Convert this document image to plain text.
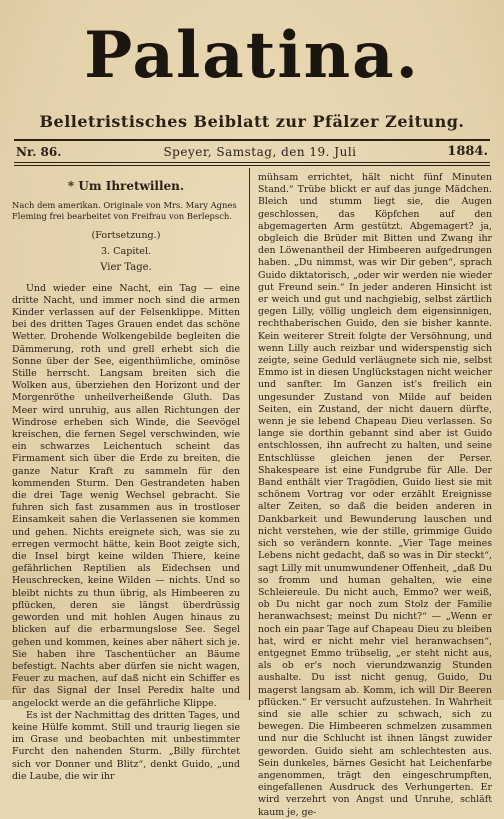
Palatina.
Belletristisches Beiblatt zur Pfälzer Zeitung.
Nr. 86.	Speyer, Samstag, den 19. Juli	1884.
* Um Ihretwillen.
Nach dem amerikan. Originale von Mrs. Mary Agnes Fleming frei bearbeitet von Freifrau von Berlepsch.
(Fortsetzung.)
3. Capitel.
Vier Tage.

Und wieder eine Nacht, ein Tag — eine dritte Nacht, und immer noch sind die armen Kinder verlassen auf der Felsenklippe. Mitten bei des dritten Tages Grauen endet das schöne Wetter. Drohende Wolkengebilde begleiten die Dämmerung, roth und grell erhebt sich die Sonne über der See, eigenthümliche, ominöse Stille herrscht. Langsam breiten sich die Wolken aus, überziehen den Horizont und der Morgenröthe unheilverheißende Gluth. Das Meer wird unruhig, aus allen Richtungen der Windrose erheben sich Winde, die Seevögel kreischen, die fernen Segel verschwinden, wie ein schwarzes Leichentuch scheint das Firmament sich über die Erde zu breiten, die ganze Natur Kraft zu sammeln für den kommenden Sturm. Den Gestrandeten haben die drei Tage wenig Wechsel gebracht. Sie fuhren sich fast zusammen aus in trostloser Einsamkeit sahen die Verlassenen sie kommen und gehen. Nichts ereignete sich, was sie zu erregen vermocht hätte, kein Boot zeigte sich, die Insel birgt keine wilden Thiere, keine gefährlichen Reptilien als Eidechsen und Heuschrecken, keine Wilden — nichts. Und so bleibt nichts zu thun übrig, als Himbeeren zu pflücken, deren sie längst überdrüssig geworden und mit hohlen Augen hinaus zu blicken auf die erbarmungslose See. Segel gehen und kommen, keines aber nähert sich je. Sie haben ihre Taschentücher an Bäume befestigt. Nachts aber dürfen sie nicht wagen, Feuer zu machen, auf daß nicht ein Schiffer es für das Signal der Insel Peredix halte und angelockt werde an die gefährliche Klippe.

Es ist der Nachmittag des dritten Tages, und keine Hülfe kommt. Still und traurig liegen sie im Grase und beobachten mit unbestimmter Furcht den nahenden Sturm. „Billy fürchtet sich vor Donner und Blitz“, denkt Guido, „und die Laube, die wir ihr

mühsam errichtet, hält nicht fünf Minuten Stand.“ Trübe blickt er auf das junge Mädchen. Bleich und stumm liegt sie, die Augen geschlossen, das Köpfchen auf den abgemagerten Arm gestützt. Abgemagert? ja, obgleich die Brüder mit Bitten und Zwang ihr den Löwenantheil der Himbeeren aufgedrungen haben. „Du nimmst, was wir Dir geben“, sprach Guido diktatorisch, „oder wir werden nie wieder gut Freund sein.“ In jeder anderen Hinsicht ist er weich und gut und nachgiebig, selbst zärtlich gegen Lilly, völlig ungleich dem eigensinnigen, rechthaberischen Guido, den sie bisher kannte. Kein weiterer Streit folgte der Versöhnung, und wenn Lilly auch reizbar und widerspenstig sich zeigte, seine Geduld verläugnete sich nie, selbst Emmo ist in diesen Unglückstagen nicht weicher und sanfter. Im Ganzen ist's freilich ein ungesunder Zustand von Milde auf beiden Seiten, ein Zustand, der nicht dauern dürfte, wenn je sie lebend Chapeau Dieu verlassen. So lange sie dorthin gebannt sind aber ist Guido entschlossen, ihn aufrecht zu halten, und seine Entschlüsse gleichen jenen der Perser. Shakespeare ist eine Fundgrube für Alle. Der Band enthält vier Tragödien, Guido liest sie mit schönem Vortrag vor oder erzählt Ereignisse alter Zeiten, so daß die beiden anderen in Dankbarkeit und Bewunderung lauschen und nicht verstehen, wie der stille, grimmige Guido sich so verändern konnte. „Vier Tage meines Lebens nicht gedacht, daß so was in Dir steckt“, sagt Lilly mit unumwundener Offenheit, „daß Du so fromm und human gehalten, wie eine Schleiereule. Du nicht auch, Emmo? wer weiß, ob Du nicht gar noch zum Stolz der Familie heranwachsest; meinst Du nicht?“ — „Wenn er noch ein paar Tage auf Chapeau Dieu zu bleiben hat, wird er nicht mehr viel heranwachsen“, entgegnet Emmo trübselig, „er steht nicht aus, als ob er's noch vierundzwanzig Stunden aushalte. Du isst nicht genug, Guido, Du magerst langsam ab. Komm, ich will Dir Beeren pflücken.“ Er versucht aufzustehen. In Wahrheit sind sie alle schier zu schwach, sich zu bewegen. Die Himbeeren schmelzen zusammen und nur die Schlucht ist ihnen längst zuwider geworden. Guido sieht am schlechtesten aus. Sein dunkeles, bärnes Gesicht hat Leichenfarbe angenommen, trägt den eingeschrumpften, eingefallenen Ausdruck des Verhungerten. Er wird verzehrt von Angst und Unruhe, schläft kaum je, ge-
